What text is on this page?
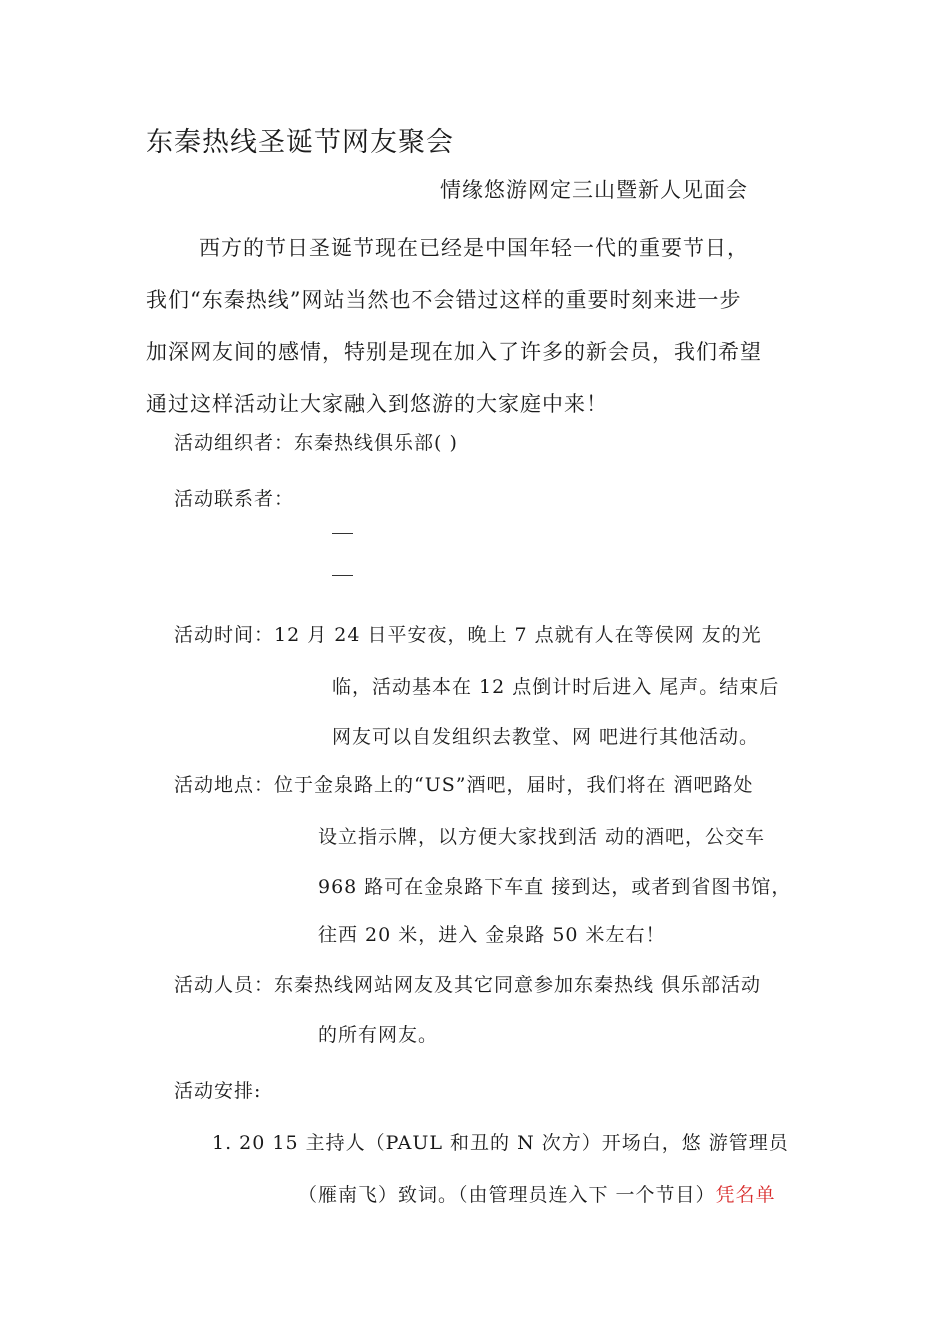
东秦热线圣诞节网友聚会
情缘悠游网定三山暨新人见面会

西方的节日圣诞节现在已经是中国年轻一代的重要节日，

我们“东秦热线”网站当然也不会错过这样的重要时刻来进一步

加深网友间的感情，特别是现在加入了许多的新会员，我们希望

通过这样活动让大家融入到悠游的大家庭中来！

活动组织者：东秦热线俱乐部( )
活动联系者：
活动时间：12 月 24 日平安夜，晚上 7 点就有人在等侯网 友的光
临，活动基本在 12 点倒计时后进入 尾声。结束后
网友可以自发组织去教堂、网 吧进行其他活动。
活动地点：位于金泉路上的“US”酒吧，届时，我们将在 酒吧路处
设立指示牌，以方便大家找到活 动的酒吧，公交车
968 路可在金泉路下车直 接到达，或者到省图书馆，
往西 20 米，进入 金泉路 50 米左右！
活动人员：东秦热线网站网友及其它同意参加东秦热线 俱乐部活动
的所有网友。
活动安排:
1. 20 15 主持人（PAUL 和丑的 N 次方）开场白，悠 游管理员
（雁南飞）致词。（由管理员连入下 一个节目）凭名单
